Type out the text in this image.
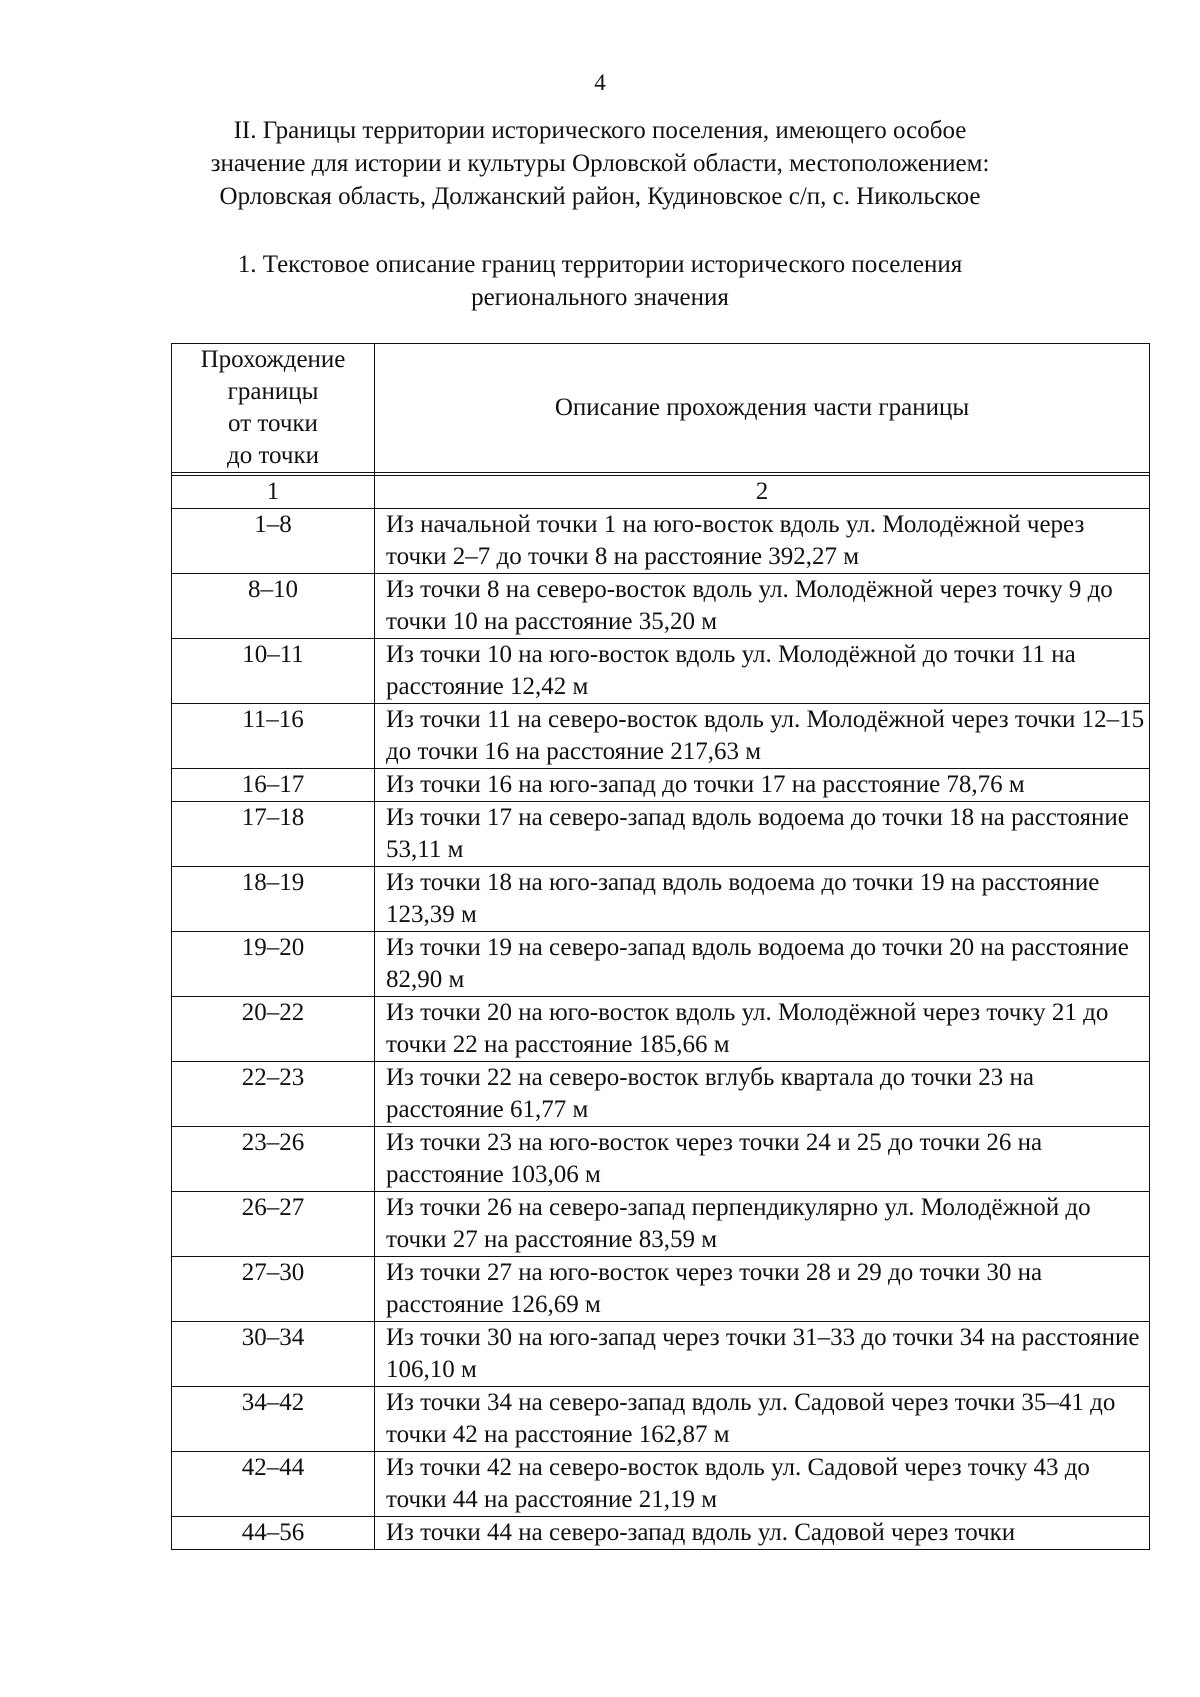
4
II. Границы территории исторического поселения, имеющего особое
значение для истории и культуры Орловской области, местоположением:
Орловская область, Должанский район, Кудиновское с/п, с. Никольское
1. Текстовое описание границ территории исторического поселения
регионального значения
Прохождение
границы
от точки
до точки	Описание прохождения части границы

1	2
1–8	Из начальной точки 1 на юго-восток вдоль ул. Молодёжной через точки 2–7 до точки 8 на расстояние 392,27 м
8–10	Из точки 8 на северо-восток вдоль ул. Молодёжной через точку 9 до точки 10 на расстояние 35,20 м
10–11	Из точки 10 на юго-восток вдоль ул. Молодёжной до точки 11 на расстояние 12,42 м
11–16	Из точки 11 на северо-восток вдоль ул. Молодёжной через точки 12–15 до точки 16 на расстояние 217,63 м
16–17	Из точки 16 на юго-запад до точки 17 на расстояние 78,76 м
17–18	Из точки 17 на северо-запад вдоль водоема до точки 18 на расстояние 53,11 м
18–19	Из точки 18 на юго-запад вдоль водоема до точки 19 на расстояние 123,39 м
19–20	Из точки 19 на северо-запад вдоль водоема до точки 20 на расстояние 82,90 м
20–22	Из точки 20 на юго-восток вдоль ул. Молодёжной через точку 21 до точки 22 на расстояние 185,66 м
22–23	Из точки 22 на северо-восток вглубь квартала до точки 23 на расстояние 61,77 м
23–26	Из точки 23 на юго-восток через точки 24 и 25 до точки 26 на расстояние 103,06 м
26–27	Из точки 26 на северо-запад перпендикулярно ул. Молодёжной до точки 27 на расстояние 83,59 м
27–30	Из точки 27 на юго-восток через точки 28 и 29 до точки 30 на расстояние 126,69 м
30–34	Из точки 30 на юго-запад через точки 31–33 до точки 34 на расстояние 106,10 м
34–42	Из точки 34 на северо-запад вдоль ул. Садовой через точки 35–41 до точки 42 на расстояние 162,87 м
42–44	Из точки 42 на северо-восток вдоль ул. Садовой через точку 43 до точки 44 на расстояние 21,19 м
44–56	Из точки 44 на северо-запад вдоль ул. Садовой через точки
